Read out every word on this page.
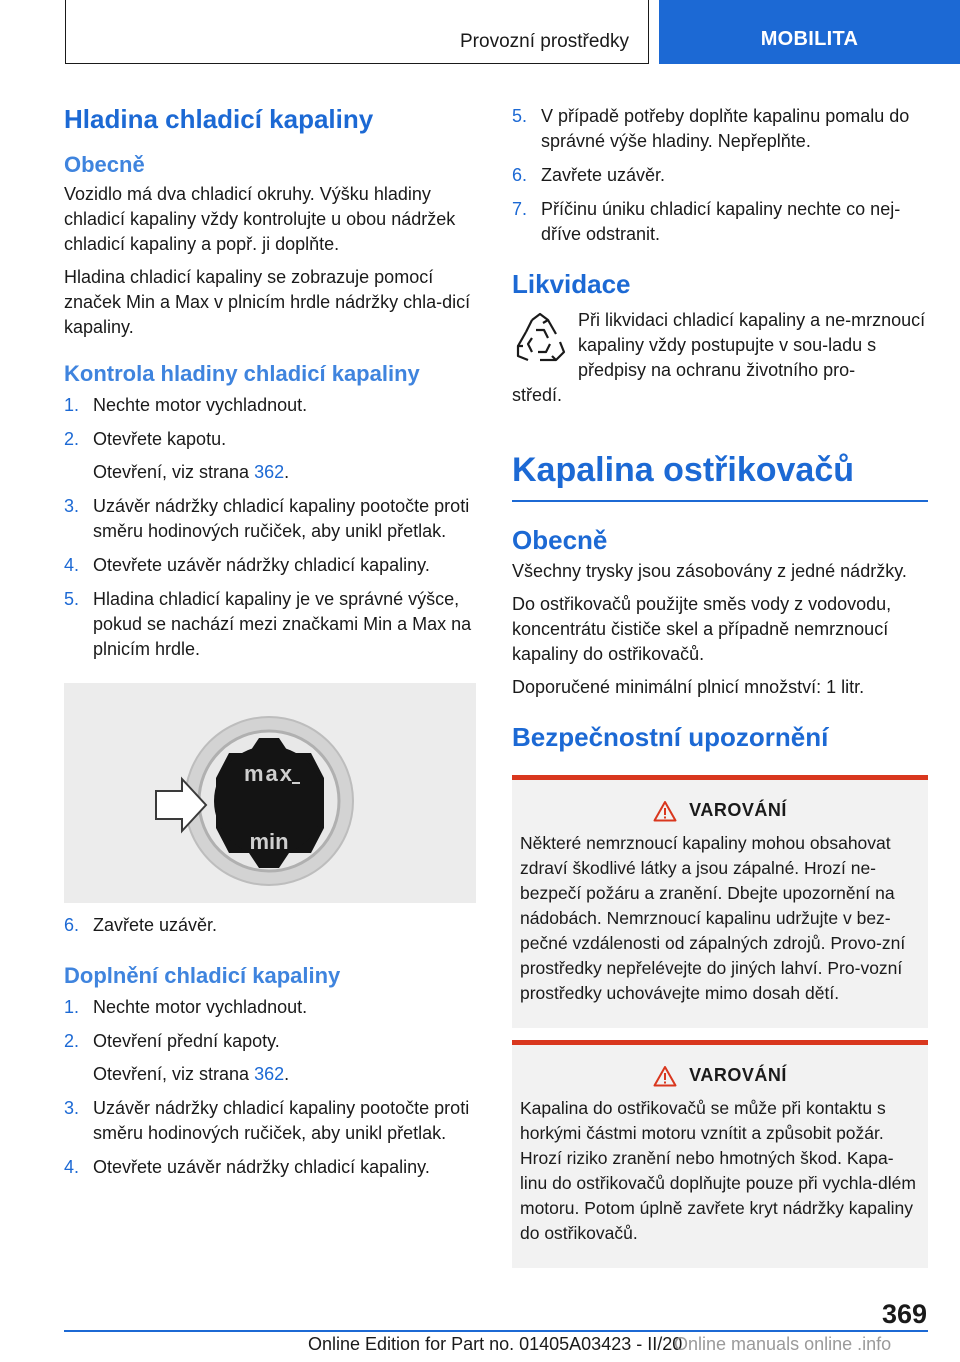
Provozní prostředky	MOBILITA
Hladina chladicí kapaliny
Obecně

Vozidlo má dva chladicí okruhy. Výšku hladiny chladicí kapaliny vždy kontrolujte u obou nádržek chladicí kapaliny a popř. ji doplňte.

Hladina chladicí kapaliny se zobrazuje pomocí značek Min a Max v plnicím hrdle nádržky chla-dicí kapaliny.

Kontrola hladiny chladicí kapaliny
1. Nechte motor vychladnout.
2. Otevřete kapotu.
Otevření, viz strana 362.
3. Uzávěr nádržky chladicí kapaliny pootočte proti směru hodinových ručiček, aby unikl přetlak.
4. Otevřete uzávěr nádržky chladicí kapaliny.
5. Hladina chladicí kapaliny je ve správné výšce, pokud se nachází mezi značkami Min a Max na plnicím hrdle.
max
min
6. Zavřete uzávěr.
Doplnění chladicí kapaliny
1. Nechte motor vychladnout.
2. Otevření přední kapoty.
Otevření, viz strana 362.
3. Uzávěr nádržky chladicí kapaliny pootočte proti směru hodinových ručiček, aby unikl přetlak.
4. Otevřete uzávěr nádržky chladicí kapaliny.
5. V případě potřeby doplňte kapalinu pomalu do správné výše hladiny. Nepřeplňte.
6. Zavřete uzávěr.
7. Příčinu úniku chladicí kapaliny nechte co nej-dříve odstranit.
Likvidace

Při likvidaci chladicí kapaliny a ne-mrznoucí kapaliny vždy postupujte v sou-ladu s předpisy na ochranu životního pro-

středí.

Kapalina ostřikovačů
Obecně

Všechny trysky jsou zásobovány z jedné nádržky.

Do ostřikovačů použijte směs vody z vodovodu, koncentrátu čističe skel a případně nemrznoucí kapaliny do ostřikovačů.

Doporučené minimální plnicí množství: 1 litr.

Bezpečnostní upozornění
VAROVÁNÍ

Některé nemrznoucí kapaliny mohou obsahovat zdraví škodlivé látky a jsou zápalné. Hrozí ne-bezpečí požáru a zranění. Dbejte upozornění na nádobách. Nemrznoucí kapalinu udržujte v bez-pečné vzdálenosti od zápalných zdrojů. Provo-zní prostředky nepřelévejte do jiných lahví. Pro-vozní prostředky uchovávejte mimo dosah dětí.

VAROVÁNÍ

Kapalina do ostřikovačů se může při kontaktu s horkými částmi motoru vznítit a způsobit požár. Hrozí riziko zranění nebo hmotných škod. Kapa-linu do ostřikovačů doplňujte pouze při vychla-dlém motoru. Potom úplně zavřete kryt nádržky kapaliny do ostřikovačů.

369
Online Edition for Part no. 01405A03423 - II/20
Online manuals online .info
